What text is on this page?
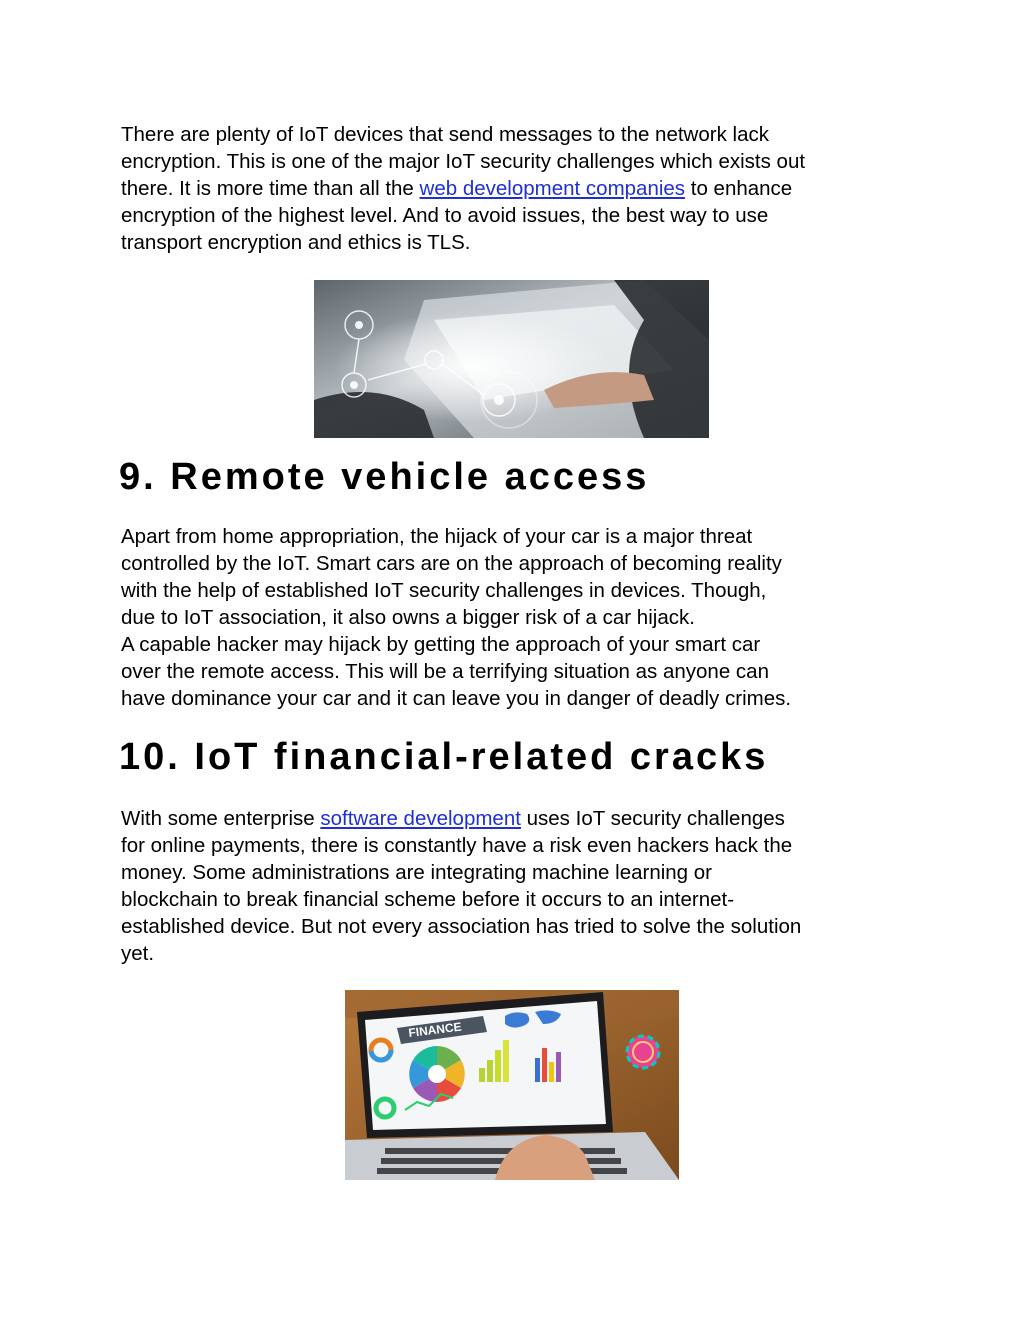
There are plenty of IoT devices that send messages to the network lack
encryption. This is one of the major IoT security challenges which exists out
there. It is more time than all the web development companies to enhance
encryption of the highest level. And to avoid issues, the best way to use
transport encryption and ethics is TLS.

9. Remote vehicle access

Apart from home appropriation, the hijack of your car is a major threat
controlled by the IoT. Smart cars are on the approach of becoming reality
with the help of established IoT security challenges in devices. Though,
due to IoT association, it also owns a bigger risk of a car hijack.
A capable hacker may hijack by getting the approach of your smart car
over the remote access. This will be a terrifying situation as anyone can
have dominance your car and it can leave you in danger of deadly crimes.

10. IoT financial-related cracks

With some enterprise software development uses IoT security challenges
for online payments, there is constantly have a risk even hackers hack the
money. Some administrations are integrating machine learning or
blockchain to break financial scheme before it occurs to an internet-
established device. But not every association has tried to solve the solution
yet.

FINANCE
